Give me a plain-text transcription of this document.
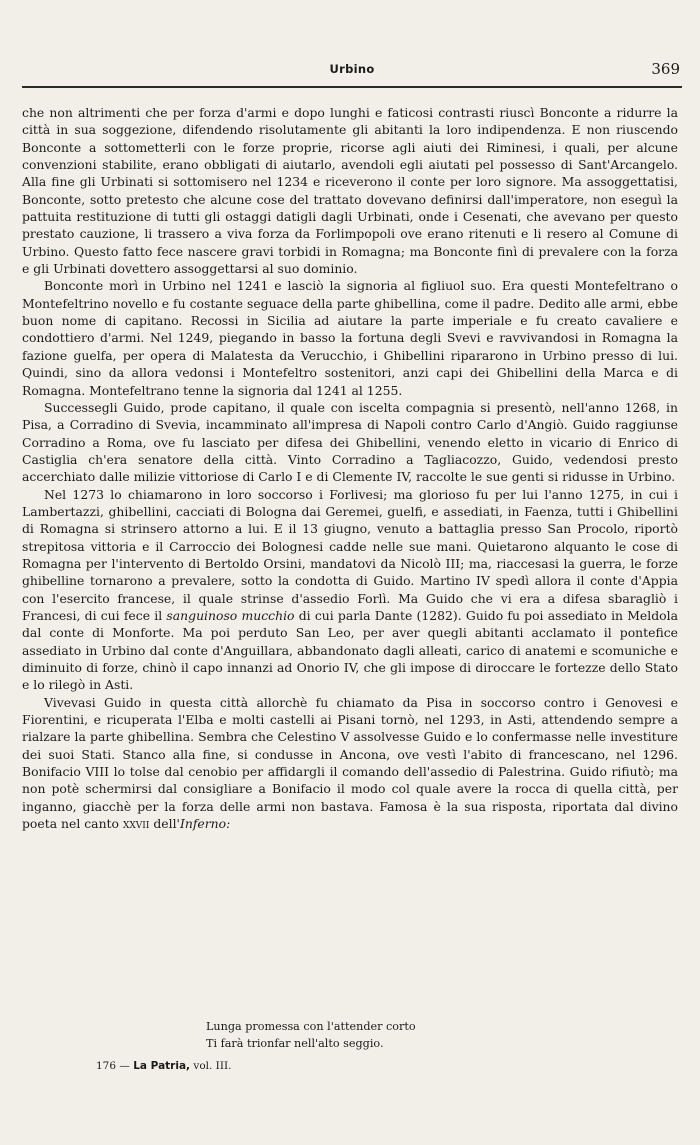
Urbino	369

che non altrimenti che per forza d'armi e dopo lunghi e faticosi contrasti riuscì Bonconte a ridurre la città in sua soggezione, difendendo risolutamente gli abitanti la loro indipendenza. E non riuscendo Bonconte a sottometterli con le forze proprie, ricorse agli aiuti dei Riminesi, i quali, per alcune convenzioni stabilite, erano obbligati di aiutarlo, avendoli egli aiutati pel possesso di Sant'Arcangelo. Alla fine gli Urbinati si sottomisero nel 1234 e riceverono il conte per loro signore. Ma assoggettatisi, Bonconte, sotto pretesto che alcune cose del trattato dovevano definirsi dall'imperatore, non eseguì la pattuita restituzione di tutti gli ostaggi datigli dagli Urbinati, onde i Cesenati, che avevano per questo prestato cauzione, li trassero a viva forza da Forlimpopoli ove erano ritenuti e li resero al Comune di Urbino. Questo fatto fece nascere gravi torbidi in Romagna; ma Bonconte finì di prevalere con la forza e gli Urbinati dovettero assoggettarsi al suo dominio.

Bonconte morì in Urbino nel 1241 e lasciò la signoria al figliuol suo. Era questi Montefeltrano o Montefeltrino novello e fu costante seguace della parte ghibellina, come il padre. Dedito alle armi, ebbe buon nome di capitano. Recossi in Sicilia ad aiutare la parte imperiale e fu creato cavaliere e condottiero d'armi. Nel 1249, piegando in basso la fortuna degli Svevi e ravvivandosi in Romagna la fazione guelfa, per opera di Malatesta da Verucchio, i Ghibellini ripararono in Urbino presso di lui. Quindi, sino da allora vedonsi i Montefeltro sostenitori, anzi capi dei Ghibellini della Marca e di Romagna. Montefeltrano tenne la signoria dal 1241 al 1255.

Successegli Guido, prode capitano, il quale con iscelta compagnia si presentò, nell'anno 1268, in Pisa, a Corradino di Svevia, incamminato all'impresa di Napoli contro Carlo d'Angiò. Guido raggiunse Corradino a Roma, ove fu lasciato per difesa dei Ghibellini, venendo eletto in vicario di Enrico di Castiglia ch'era senatore della città. Vinto Corradino a Tagliacozzo, Guido, vedendosi presto accerchiato dalle milizie vittoriose di Carlo I e di Clemente IV, raccolte le sue genti si ridusse in Urbino.

Nel 1273 lo chiamarono in loro soccorso i Forlivesi; ma glorioso fu per lui l'anno 1275, in cui i Lambertazzi, ghibellini, cacciati di Bologna dai Geremei, guelfi, e assediati, in Faenza, tutti i Ghibellini di Romagna si strinsero attorno a lui. E il 13 giugno, venuto a battaglia presso San Procolo, riportò strepitosa vittoria e il Carroccio dei Bolognesi cadde nelle sue mani. Quietarono alquanto le cose di Romagna per l'intervento di Bertoldo Orsini, mandatovi da Nicolò III; ma, riaccesasi la guerra, le forze ghibelline tornarono a prevalere, sotto la condotta di Guido. Martino IV spedì allora il conte d'Appia con l'esercito francese, il quale strinse d'assedio Forlì. Ma Guido che vi era a difesa sbaragliò i Francesi, di cui fece il sanguinoso mucchio di cui parla Dante (1282). Guido fu poi assediato in Meldola dal conte di Monforte. Ma poi perduto San Leo, per aver quegli abitanti acclamato il pontefice assediato in Urbino dal conte d'Anguillara, abbandonato dagli alleati, carico di anatemi e scomuniche e diminuito di forze, chinò il capo innanzi ad Onorio IV, che gli impose di diroccare le fortezze dello Stato e lo rilegò in Asti.

Vivevasi Guido in questa città allorchè fu chiamato da Pisa in soccorso contro i Genovesi e Fiorentini, e ricuperata l'Elba e molti castelli ai Pisani tornò, nel 1293, in Asti, attendendo sempre a rialzare la parte ghibellina. Sembra che Celestino V assolvesse Guido e lo confermasse nelle investiture dei suoi Stati. Stanco alla fine, si condusse in Ancona, ove vestì l'abito di francescano, nel 1296. Bonifacio VIII lo tolse dal cenobio per affidargli il comando dell'assedio di Palestrina. Guido rifiutò; ma non potè schermirsi dal consigliare a Bonifacio il modo col quale avere la rocca di quella città, per inganno, giacchè per la forza delle armi non bastava. Famosa è la sua risposta, riportata dal divino poeta nel canto xxvii dell'Inferno:

Lunga promessa con l'attender corto
Ti farà trionfar nell'alto seggio.
176 — La Patria, vol. III.
